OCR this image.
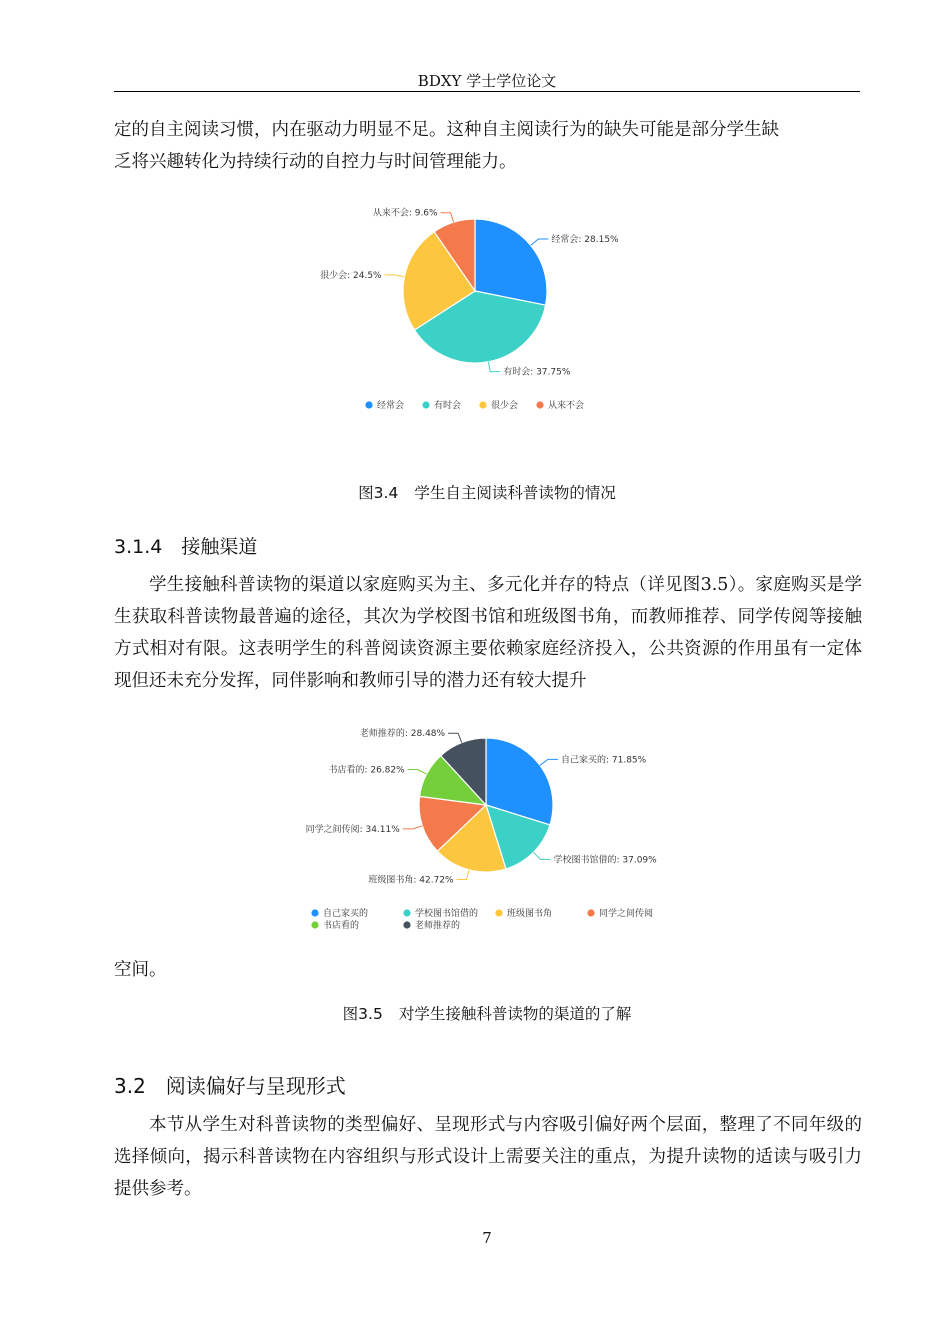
BDXY 学士学位论文

定的自主阅读习惯，内在驱动力明显不足。这种自主阅读行为的缺失可能是部分学生缺
乏将兴趣转化为持续行动的自控力与时间管理能力。

经常会: 28.15%
有时会: 37.75%
很少会: 24.5%
从来不会: 9.6%
经常会	有时会	很少会	从来不会
图3.4 学生自主阅读科普读物的情况
3.1.4　接触渠道

学生接触科普读物的渠道以家庭购买为主、多元化并存的特点（详见图3.5）。家庭购买是学生获取科普读物最普遍的途径，其次为学校图书馆和班级图书角，而教师推荐、同学传阅等接触方式相对有限。这表明学生的科普阅读资源主要依赖家庭经济投入，公共资源的作用虽有一定体现但还未充分发挥，同伴影响和教师引导的潜力还有较大提升

自己家买的: 71.85%
学校图书馆借的: 37.09%
班级图书角: 42.72%
同学之间传阅: 34.11%
书店看的: 26.82%
老师推荐的: 28.48%
自己家买的	学校图书馆借的	班级图书角	同学之间传阅
书店看的	老师推荐的

空间。

图3.5 对学生接触科普读物的渠道的了解
3.2　阅读偏好与呈现形式

本节从学生对科普读物的类型偏好、呈现形式与内容吸引偏好两个层面，整理了不同年级的选择倾向，揭示科普读物在内容组织与形式设计上需要关注的重点，为提升读物的适读与吸引力提供参考。

7
